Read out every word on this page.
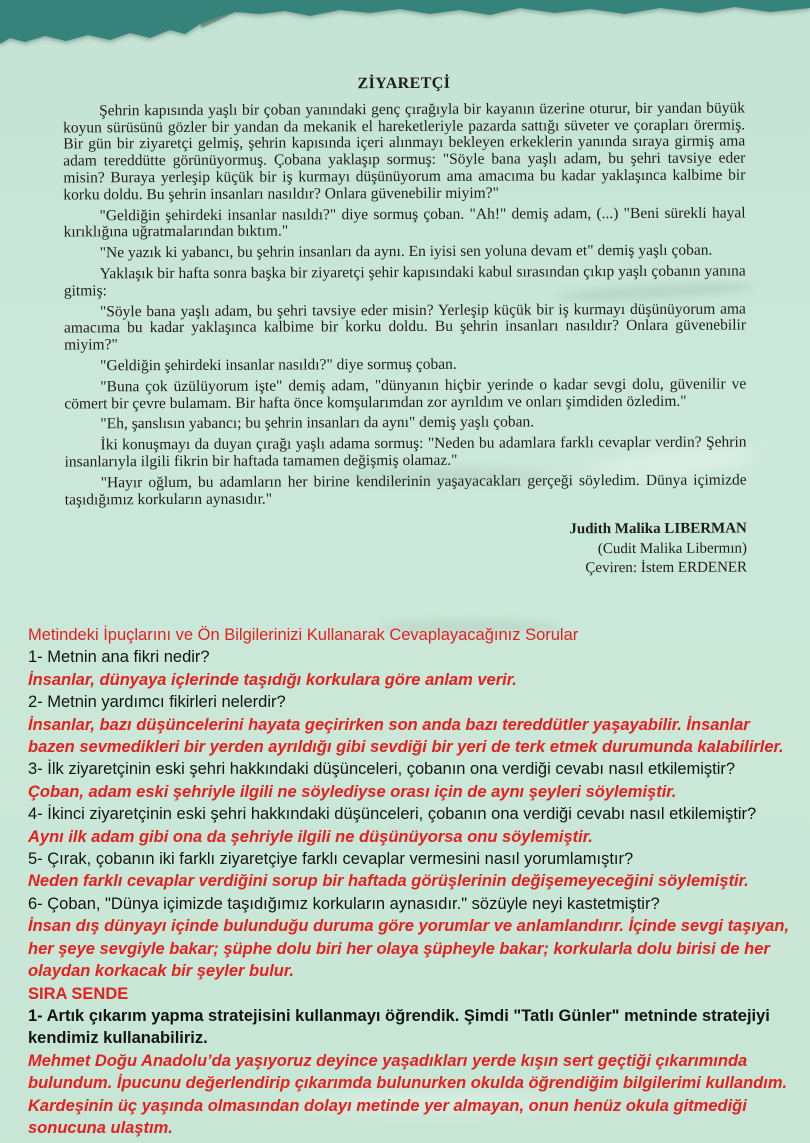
ZİYARETÇİ

Şehrin kapısında yaşlı bir çoban yanındaki genç çırağıyla bir kayanın üzerine oturur, bir yandan büyük koyun sürüsünü gözler bir yandan da mekanik el hareketleriyle pazarda sattığı süveter ve çorapları örermiş. Bir gün bir ziyaretçi gelmiş, şehrin kapısında içeri alınmayı bekleyen erkeklerin yanında sıraya girmiş ama adam tereddütte görünüyormuş. Çobana yaklaşıp sormuş: "Söyle bana yaşlı adam, bu şehri tavsiye eder misin? Buraya yerleşip küçük bir iş kurmayı düşünüyorum ama amacıma bu kadar yaklaşınca kalbime bir korku doldu. Bu şehrin insanları nasıldır? Onlara güvenebilir miyim?"

"Geldiğin şehirdeki insanlar nasıldı?" diye sormuş çoban. "Ah!" demiş adam, (...) "Beni sürekli hayal kırıklığına uğratmalarından bıktım."

"Ne yazık ki yabancı, bu şehrin insanları da aynı. En iyisi sen yoluna devam et" demiş yaşlı çoban.

Yaklaşık bir hafta sonra başka bir ziyaretçi şehir kapısındaki kabul sırasından çıkıp yaşlı çobanın yanına gitmiş:

"Söyle bana yaşlı adam, bu şehri tavsiye eder misin? Yerleşip küçük bir iş kurmayı düşünüyorum ama amacıma bu kadar yaklaşınca kalbime bir korku doldu. Bu şehrin insanları nasıldır? Onlara güvenebilir miyim?"

"Geldiğin şehirdeki insanlar nasıldı?" diye sormuş çoban.

"Buna çok üzülüyorum işte" demiş adam, "dünyanın hiçbir yerinde o kadar sevgi dolu, güvenilir ve cömert bir çevre bulamam. Bir hafta önce komşularımdan zor ayrıldım ve onları şimdiden özledim."

"Eh, şanslısın yabancı; bu şehrin insanları da aynı" demiş yaşlı çoban.

İki konuşmayı da duyan çırağı yaşlı adama sormuş: "Neden bu adamlara farklı cevaplar verdin? Şehrin insanlarıyla ilgili fikrin bir haftada tamamen değişmiş olamaz."

"Hayır oğlum, bu adamların her birine kendilerinin yaşayacakları gerçeği söyledim. Dünya içimizde taşıdığımız korkuların aynasıdır."

Judith Malika LIBERMAN
(Cudit Malika Libermın)
Çeviren: İstem ERDENER
Metindeki İpuçlarını ve Ön Bilgilerinizi Kullanarak Cevaplayacağınız Sorular
1- Metnin ana fikri nedir?
İnsanlar, dünyaya içlerinde taşıdığı korkulara göre anlam verir.
2- Metnin yardımcı fikirleri nelerdir?
İnsanlar, bazı düşüncelerini hayata geçirirken son anda bazı tereddütler yaşayabilir. İnsanlar bazen sevmedikleri bir yerden ayrıldığı gibi sevdiği bir yeri de terk etmek durumunda kalabilirler.
3- İlk ziyaretçinin eski şehri hakkındaki düşünceleri, çobanın ona verdiği cevabı nasıl etkilemiştir?
Çoban, adam eski şehriyle ilgili ne söylediyse orası için de aynı şeyleri söylemiştir.
4- İkinci ziyaretçinin eski şehri hakkındaki düşünceleri, çobanın ona verdiği cevabı nasıl etkilemiştir?
Aynı ilk adam gibi ona da şehriyle ilgili ne düşünüyorsa onu söylemiştir.
5- Çırak, çobanın iki farklı ziyaretçiye farklı cevaplar vermesini nasıl yorumlamıştır?
Neden farklı cevaplar verdiğini sorup bir haftada görüşlerinin değişemeyeceğini söylemiştir.
6- Çoban, "Dünya içimizde taşıdığımız korkuların aynasıdır." sözüyle neyi kastetmiştir?
İnsan dış dünyayı içinde bulunduğu duruma göre yorumlar ve anlamlandırır. İçinde sevgi taşıyan, her şeye sevgiyle bakar; şüphe dolu biri her olaya şüpheyle bakar; korkularla dolu birisi de her olaydan korkacak bir şeyler bulur.
SIRA SENDE
1- Artık çıkarım yapma stratejisini kullanmayı öğrendik. Şimdi "Tatlı Günler" metninde stratejiyi kendimiz kullanabiliriz.
Mehmet Doğu Anadolu’da yaşıyoruz deyince yaşadıkları yerde kışın sert geçtiği çıkarımında bulundum. İpucunu değerlendirip çıkarımda bulunurken okulda öğrendiğim bilgilerimi kullandım. Kardeşinin üç yaşında olmasından dolayı metinde yer almayan, onun henüz okula gitmediği sonucuna ulaştım.
